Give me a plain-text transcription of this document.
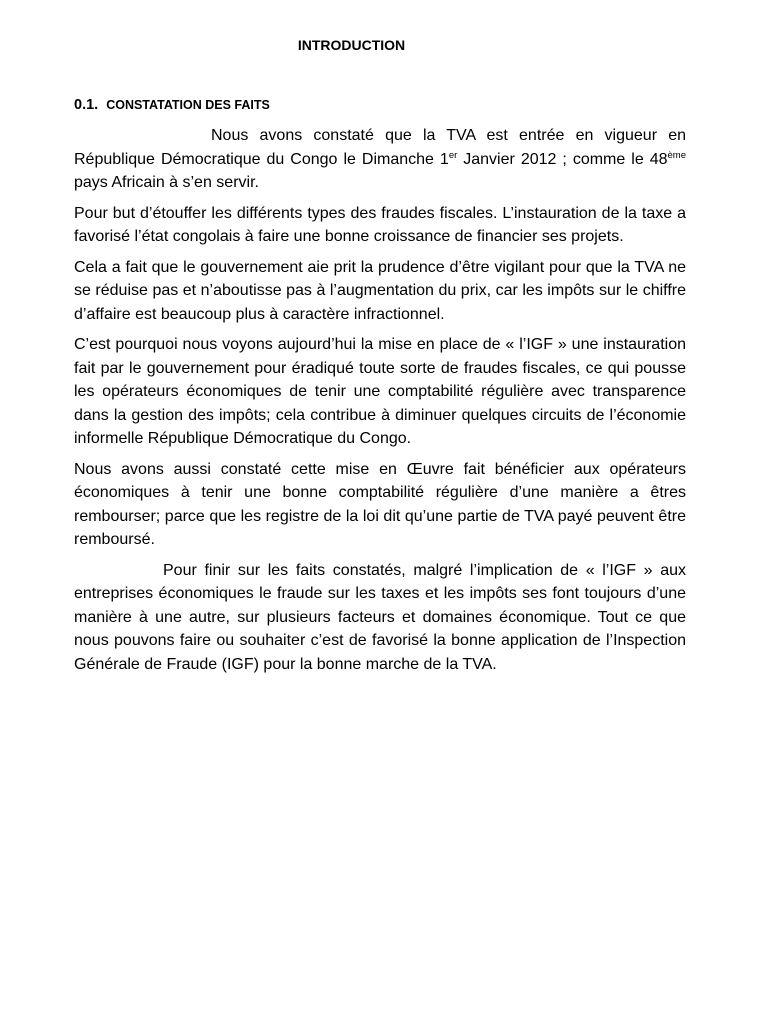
INTRODUCTION
0.1. CONSTATATION DES FAITS

Nous avons constaté que la TVA est entrée en vigueur en République Démocratique du Congo le Dimanche 1er Janvier 2012 ; comme le 48ème pays Africain à s’en servir.

Pour but d’étouffer les différents types des fraudes fiscales. L’instauration de la taxe a favorisé l’état congolais à faire une bonne croissance de financier ses projets.

Cela a fait que le gouvernement aie prit la prudence d’être vigilant pour que la TVA ne se réduise pas et n’aboutisse pas à l’augmentation du prix, car les impôts sur le chiffre d’affaire est beaucoup plus à caractère infractionnel.

C’est pourquoi nous voyons aujourd’hui la mise en place de « l’IGF » une instauration fait par le gouvernement pour éradiqué toute sorte de fraudes fiscales, ce qui pousse les opérateurs économiques de tenir une comptabilité régulière avec transparence dans la gestion des impôts; cela contribue à diminuer quelques circuits de l’économie informelle République Démocratique du Congo.

Nous avons aussi constaté cette mise en Œuvre fait bénéficier aux opérateurs économiques à tenir une bonne comptabilité régulière d’une manière a êtres rembourser; parce que les registre de la loi dit qu’une partie de TVA payé peuvent être remboursé.

Pour finir sur les faits constatés, malgré l’implication de « l’IGF » aux entreprises économiques le fraude sur les taxes et les impôts ses font toujours d’une manière à une autre, sur plusieurs facteurs et domaines économique. Tout ce que nous pouvons faire ou souhaiter c’est de favorisé la bonne application de l’Inspection Générale de Fraude (IGF) pour la bonne marche de la TVA.
